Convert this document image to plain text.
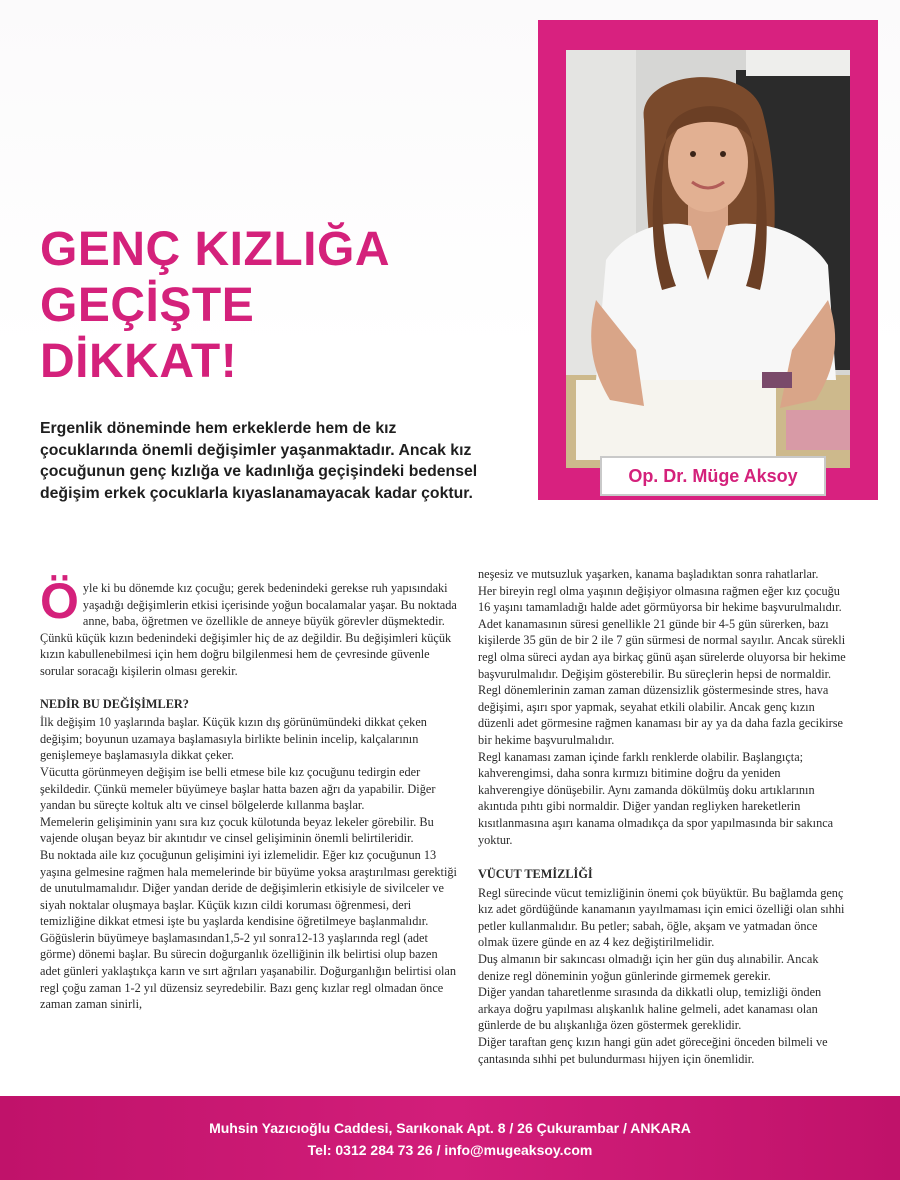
GENÇ KIZLIĞA
GEÇİŞTE
DİKKAT!

Ergenlik döneminde hem erkeklerde hem de kız çocuklarında önemli değişimler yaşanmaktadır. Ancak kız çocuğunun genç kızlığa ve kadınlığa geçişindeki bedensel değişim erkek çocuklarla kıyaslanamayacak kadar çoktur.

Op. Dr. Müge Aksoy
Ö yle ki bu dönemde kız çocuğu; gerek bedenindeki gerekse ruh yapısındaki yaşadığı değişimlerin etkisi içerisinde yoğun bocalamalar yaşar. Bu noktada anne, baba, öğretmen ve özellikle de anneye büyük görevler düşmektedir. Çünkü küçük kızın bedenindeki değişimler hiç de az değildir. Bu değişimleri küçük kızın kabullenebilmesi için hem doğru bilgilenmesi hem de çevresinde güvenle sorular soracağı kişilerin olması gerekir.

NEDİR BU DEĞİŞİMLER?

İlk değişim 10 yaşlarında başlar. Küçük kızın dış görünümündeki dikkat çeken değişim; boyunun uzamaya başlamasıyla birlikte belinin incelip, kalçalarının genişlemeye başlamasıyla dikkat çeker.

Vücutta görünmeyen değişim ise belli etmese bile kız çocuğunu tedirgin eder şekildedir. Çünkü memeler büyümeye başlar hatta bazen ağrı da yapabilir. Diğer yandan bu süreçte koltuk altı ve cinsel bölgelerde kıllanma başlar.

Memelerin gelişiminin yanı sıra kız çocuk külotunda beyaz lekeler görebilir. Bu vajende oluşan beyaz bir akıntıdır ve cinsel gelişiminin önemli belirtileridir.

Bu noktada aile kız çocuğunun gelişimini iyi izlemelidir. Eğer kız çocuğunun 13 yaşına gelmesine rağmen hala memelerinde bir büyüme yoksa araştırılması gerektiği de unutulmamalıdır. Diğer yandan deride de değişimlerin etkisiyle de sivilceler ve siyah noktalar oluşmaya başlar. Küçük kızın cildi koruması öğrenmesi, deri temizliğine dikkat etmesi işte bu yaşlarda kendisine öğretilmeye başlanmalıdır.

Göğüslerin büyümeye başlamasından1,5-2 yıl sonra12-13 yaşlarında regl (adet görme) dönemi başlar. Bu sürecin doğurganlık özelliğinin ilk belirtisi olup bazen adet günleri yaklaştıkça karın ve sırt ağrıları yaşanabilir. Doğurganlığın belirtisi olan regl çoğu zaman 1-2 yıl düzensiz seyredebilir. Bazı genç kızlar regl olmadan önce zaman zaman sinirli,

neşesiz ve mutsuzluk yaşarken, kanama başladıktan sonra rahatlarlar.

Her bireyin regl olma yaşının değişiyor olmasına rağmen eğer kız çocuğu

16 yaşını tamamladığı halde adet görmüyorsa bir hekime başvurulmalıdır.

Adet kanamasının süresi genellikle 21 günde bir 4-5 gün sürerken, bazı

kişilerde 35 gün de bir 2 ile 7 gün sürmesi de normal sayılır. Ancak sürekli

regl olma süreci aydan aya birkaç günü aşan sürelerde oluyorsa bir hekime

başvurulmalıdır. Değişim gösterebilir. Bu süreçlerin hepsi de normaldir.

Regl dönemlerinin zaman zaman düzensizlik göstermesinde stres, hava

değişimi, aşırı spor yapmak, seyahat etkili olabilir. Ancak genç kızın

düzenli adet görmesine rağmen kanaması bir ay ya da daha fazla gecikirse

bir hekime başvurulmalıdır.

Regl kanaması zaman içinde farklı renklerde olabilir. Başlangıçta;

kahverengimsi, daha sonra kırmızı bitimine doğru da yeniden

kahverengiye dönüşebilir. Aynı zamanda dökülmüş doku artıklarının

akıntıda pıhtı gibi normaldir. Diğer yandan regliyken hareketlerin

kısıtlanmasına aşırı kanama olmadıkça da spor yapılmasında bir sakınca

yoktur.

VÜCUT TEMİZLİĞİ

Regl sürecinde vücut temizliğinin önemi çok büyüktür. Bu bağlamda genç

kız adet gördüğünde kanamanın yayılmaması için emici özelliği olan sıhhi

petler kullanmalıdır. Bu petler; sabah, öğle, akşam ve yatmadan önce

olmak üzere günde en az 4 kez değiştirilmelidir.

Duş almanın bir sakıncası olmadığı için her gün duş alınabilir. Ancak

denize regl döneminin yoğun günlerinde girmemek gerekir.

Diğer yandan taharetlenme sırasında da dikkatli olup, temizliği önden

arkaya doğru yapılması alışkanlık haline gelmeli, adet kanaması olan

günlerde de bu alışkanlığa özen göstermek gereklidir.

Diğer taraftan genç kızın hangi gün adet göreceğini önceden bilmeli ve

çantasında sıhhi pet bulundurması hijyen için önemlidir.

Muhsin Yazıcıoğlu Caddesi, Sarıkonak Apt. 8 / 26 Çukurambar / ANKARA
Tel: 0312 284 73 26 / info@mugeaksoy.com
